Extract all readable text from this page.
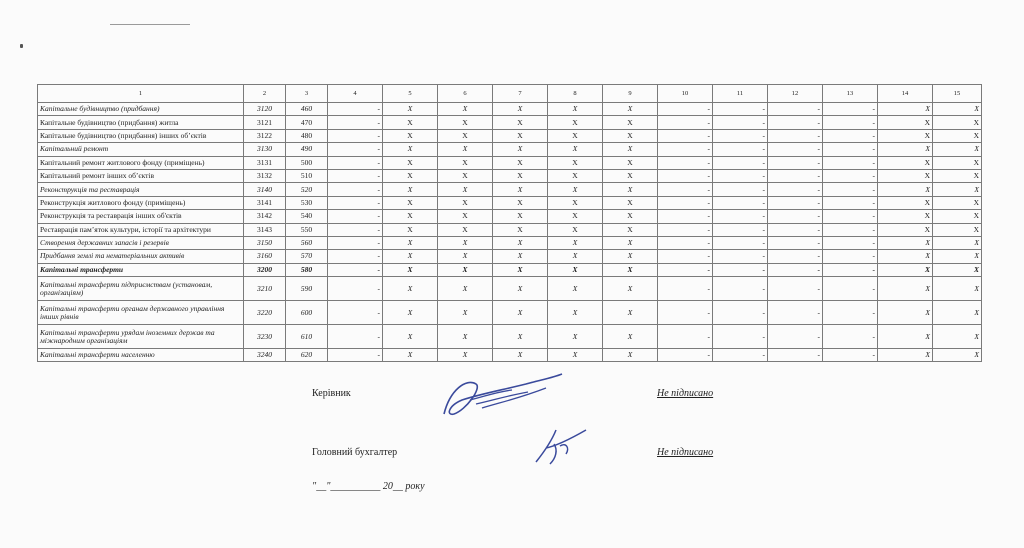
1	2	3	4	5	6	7	8	9	10	11	12	13	14	15
Капітальне будівництво (придбання)	3120	460	-	X	X	X	X	X	-	-	-	-	X	X
Капітальне будівництво (придбання) житла	3121	470	-	X	X	X	X	X	-	-	-	-	X	X
Капітальне будівництво (придбання) інших об’єктів	3122	480	-	X	X	X	X	X	-	-	-	-	X	X
Капітальний ремонт	3130	490	-	X	X	X	X	X	-	-	-	-	X	X
Капітальний ремонт житлового фонду (приміщень)	3131	500	-	X	X	X	X	X	-	-	-	-	X	X
Капітальний ремонт інших об’єктів	3132	510	-	X	X	X	X	X	-	-	-	-	X	X
Реконструкція та реставрація	3140	520	-	X	X	X	X	X	-	-	-	-	X	X
Реконструкція житлового фонду (приміщень)	3141	530	-	X	X	X	X	X	-	-	-	-	X	X
Реконструкція та реставрація інших об'єктів	3142	540	-	X	X	X	X	X	-	-	-	-	X	X
Реставрація пам’яток культури, історії та архітектури	3143	550	-	X	X	X	X	X	-	-	-	-	X	X
Створення державних запасів і резервів	3150	560	-	X	X	X	X	X	-	-	-	-	X	X
Придбання землі та нематеріальних активів	3160	570	-	X	X	X	X	X	-	-	-	-	X	X
Капітальні трансферти	3200	580	-	X	X	X	X	X	-	-	-	-	X	X
Капітальні трансферти підприємствам (установам, організаціям)	3210	590	-	X	X	X	X	X	-	-	-	-	X	X
Капітальні трансферти органам державного управління інших рівнів	3220	600	-	X	X	X	X	X	-	-	-	-	X	X
Капітальні трансферти урядам іноземних держав та міжнародним організаціям	3230	610	-	X	X	X	X	X	-	-	-	-	X	X
Капітальні трансферти населенню	3240	620	-	X	X	X	X	X	-	-	-	-	X	X
Керівник	Не підписано
Головний бухгалтер	Не підписано
"__"__________ 20__ року
